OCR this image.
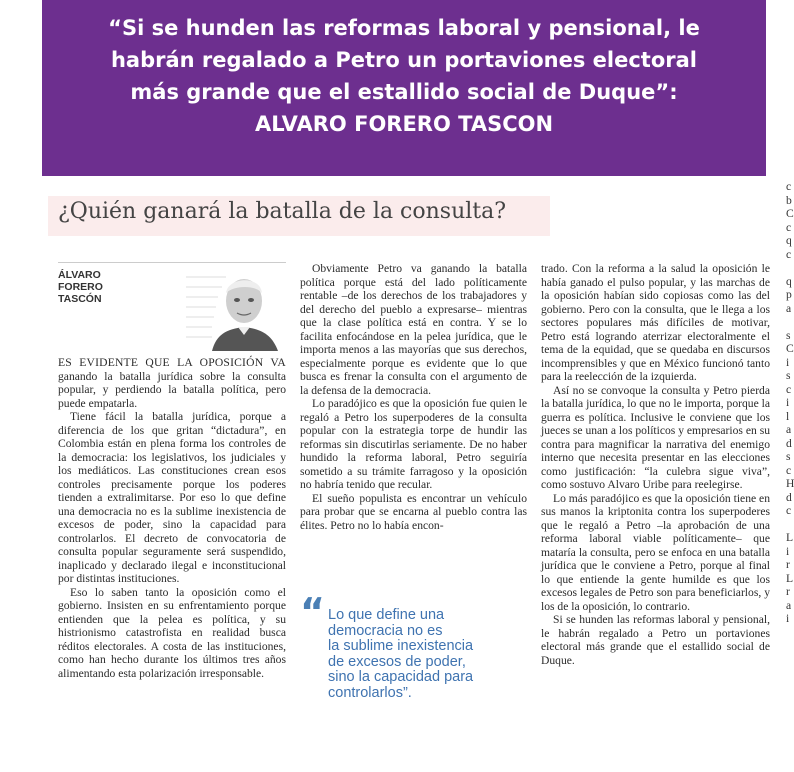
“Si se hunden las reformas laboral y pensional, le
habrán regalado a Petro un portaviones electoral
más grande que el estallido social de Duque”:
ALVARO FORERO TASCON
¿Quién ganará la batalla de la consulta?
ÁLVARO
FORERO
TASCÓN

ES EVIDENTE QUE LA OPOSICIÓN VA ganando la batalla jurídica sobre la consulta popular, y perdiendo la batalla política, pero puede empatarla.

Tiene fácil la batalla jurídica, porque a diferencia de los que gritan “dictadura”, en Colombia están en plena forma los controles de la democracia: los legislativos, los judiciales y los mediáticos. Las constituciones crean esos controles precisamente porque los poderes tienden a extralimitarse. Por eso lo que define una democracia no es la sublime inexistencia de excesos de poder, sino la capacidad para controlarlos. El decreto de convocatoria de consulta popular seguramente será suspendido, inaplicado y declarado ilegal e inconstitucional por distintas instituciones.

Eso lo saben tanto la oposición como el gobierno. Insisten en su enfrentamiento porque entienden que la pelea es política, y su histrionismo catastrofista en realidad busca réditos electorales. A costa de las instituciones, como han hecho durante los últimos tres años alimentando esta polarización irresponsable.

Obviamente Petro va ganando la batalla política porque está del lado políticamente rentable –de los derechos de los trabajadores y del derecho del pueblo a expresarse– mientras que la clase política está en contra. Y se lo facilita enfocándose en la pelea jurídica, que le importa menos a las mayorías que sus derechos, especialmente porque es evidente que lo que busca es frenar la consulta con el argumento de la defensa de la democracia.

Lo paradójico es que la oposición fue quien le regaló a Petro los superpoderes de la consulta popular con la estrategia torpe de hundir las reformas sin discutirlas seriamente. De no haber hundido la reforma laboral, Petro seguiría sometido a su trámite farragoso y la oposición no habría tenido que recular.

El sueño populista es encontrar un vehículo para probar que se encarna al pueblo contra las élites. Petro no lo había encon-

“ Lo que define una
democracia no es
la sublime inexistencia
de excesos de poder,
sino la capacidad para
controlarlos”.

trado. Con la reforma a la salud la oposición le había ganado el pulso popular, y las marchas de la oposición habían sido copiosas como las del gobierno. Pero con la consulta, que le llega a los sectores populares más difíciles de motivar, Petro está logrando aterrizar electoralmente el tema de la equidad, que se quedaba en discursos incomprensibles y que en México funcionó tanto para la reelección de la izquierda.

Así no se convoque la consulta y Petro pierda la batalla jurídica, lo que no le importa, porque la guerra es política. Inclusive le conviene que los jueces se unan a los políticos y empresarios en su contra para magnificar la narrativa del enemigo interno que necesita presentar en las elecciones como justificación: “la culebra sigue viva”, como sostuvo Alvaro Uribe para reelegirse.

Lo más paradójico es que la oposición tiene en sus manos la kriptonita contra los superpoderes que le regaló a Petro –la aprobación de una reforma laboral viable políticamente– que mataría la consulta, pero se enfoca en una batalla jurídica que le conviene a Petro, porque al final lo que entiende la gente humilde es que los excesos legales de Petro son para beneficiarlos, y los de la oposición, lo contrario.

Si se hunden las reformas laboral y pensional, le habrán regalado a Petro un portaviones electoral más grande que el estallido social de Duque.

c
b
C
c
q
c

q
p
a

s
C
i
s
c
i
l
a
d
s
c
H
d
c

L
i
r
L
r
a
i
